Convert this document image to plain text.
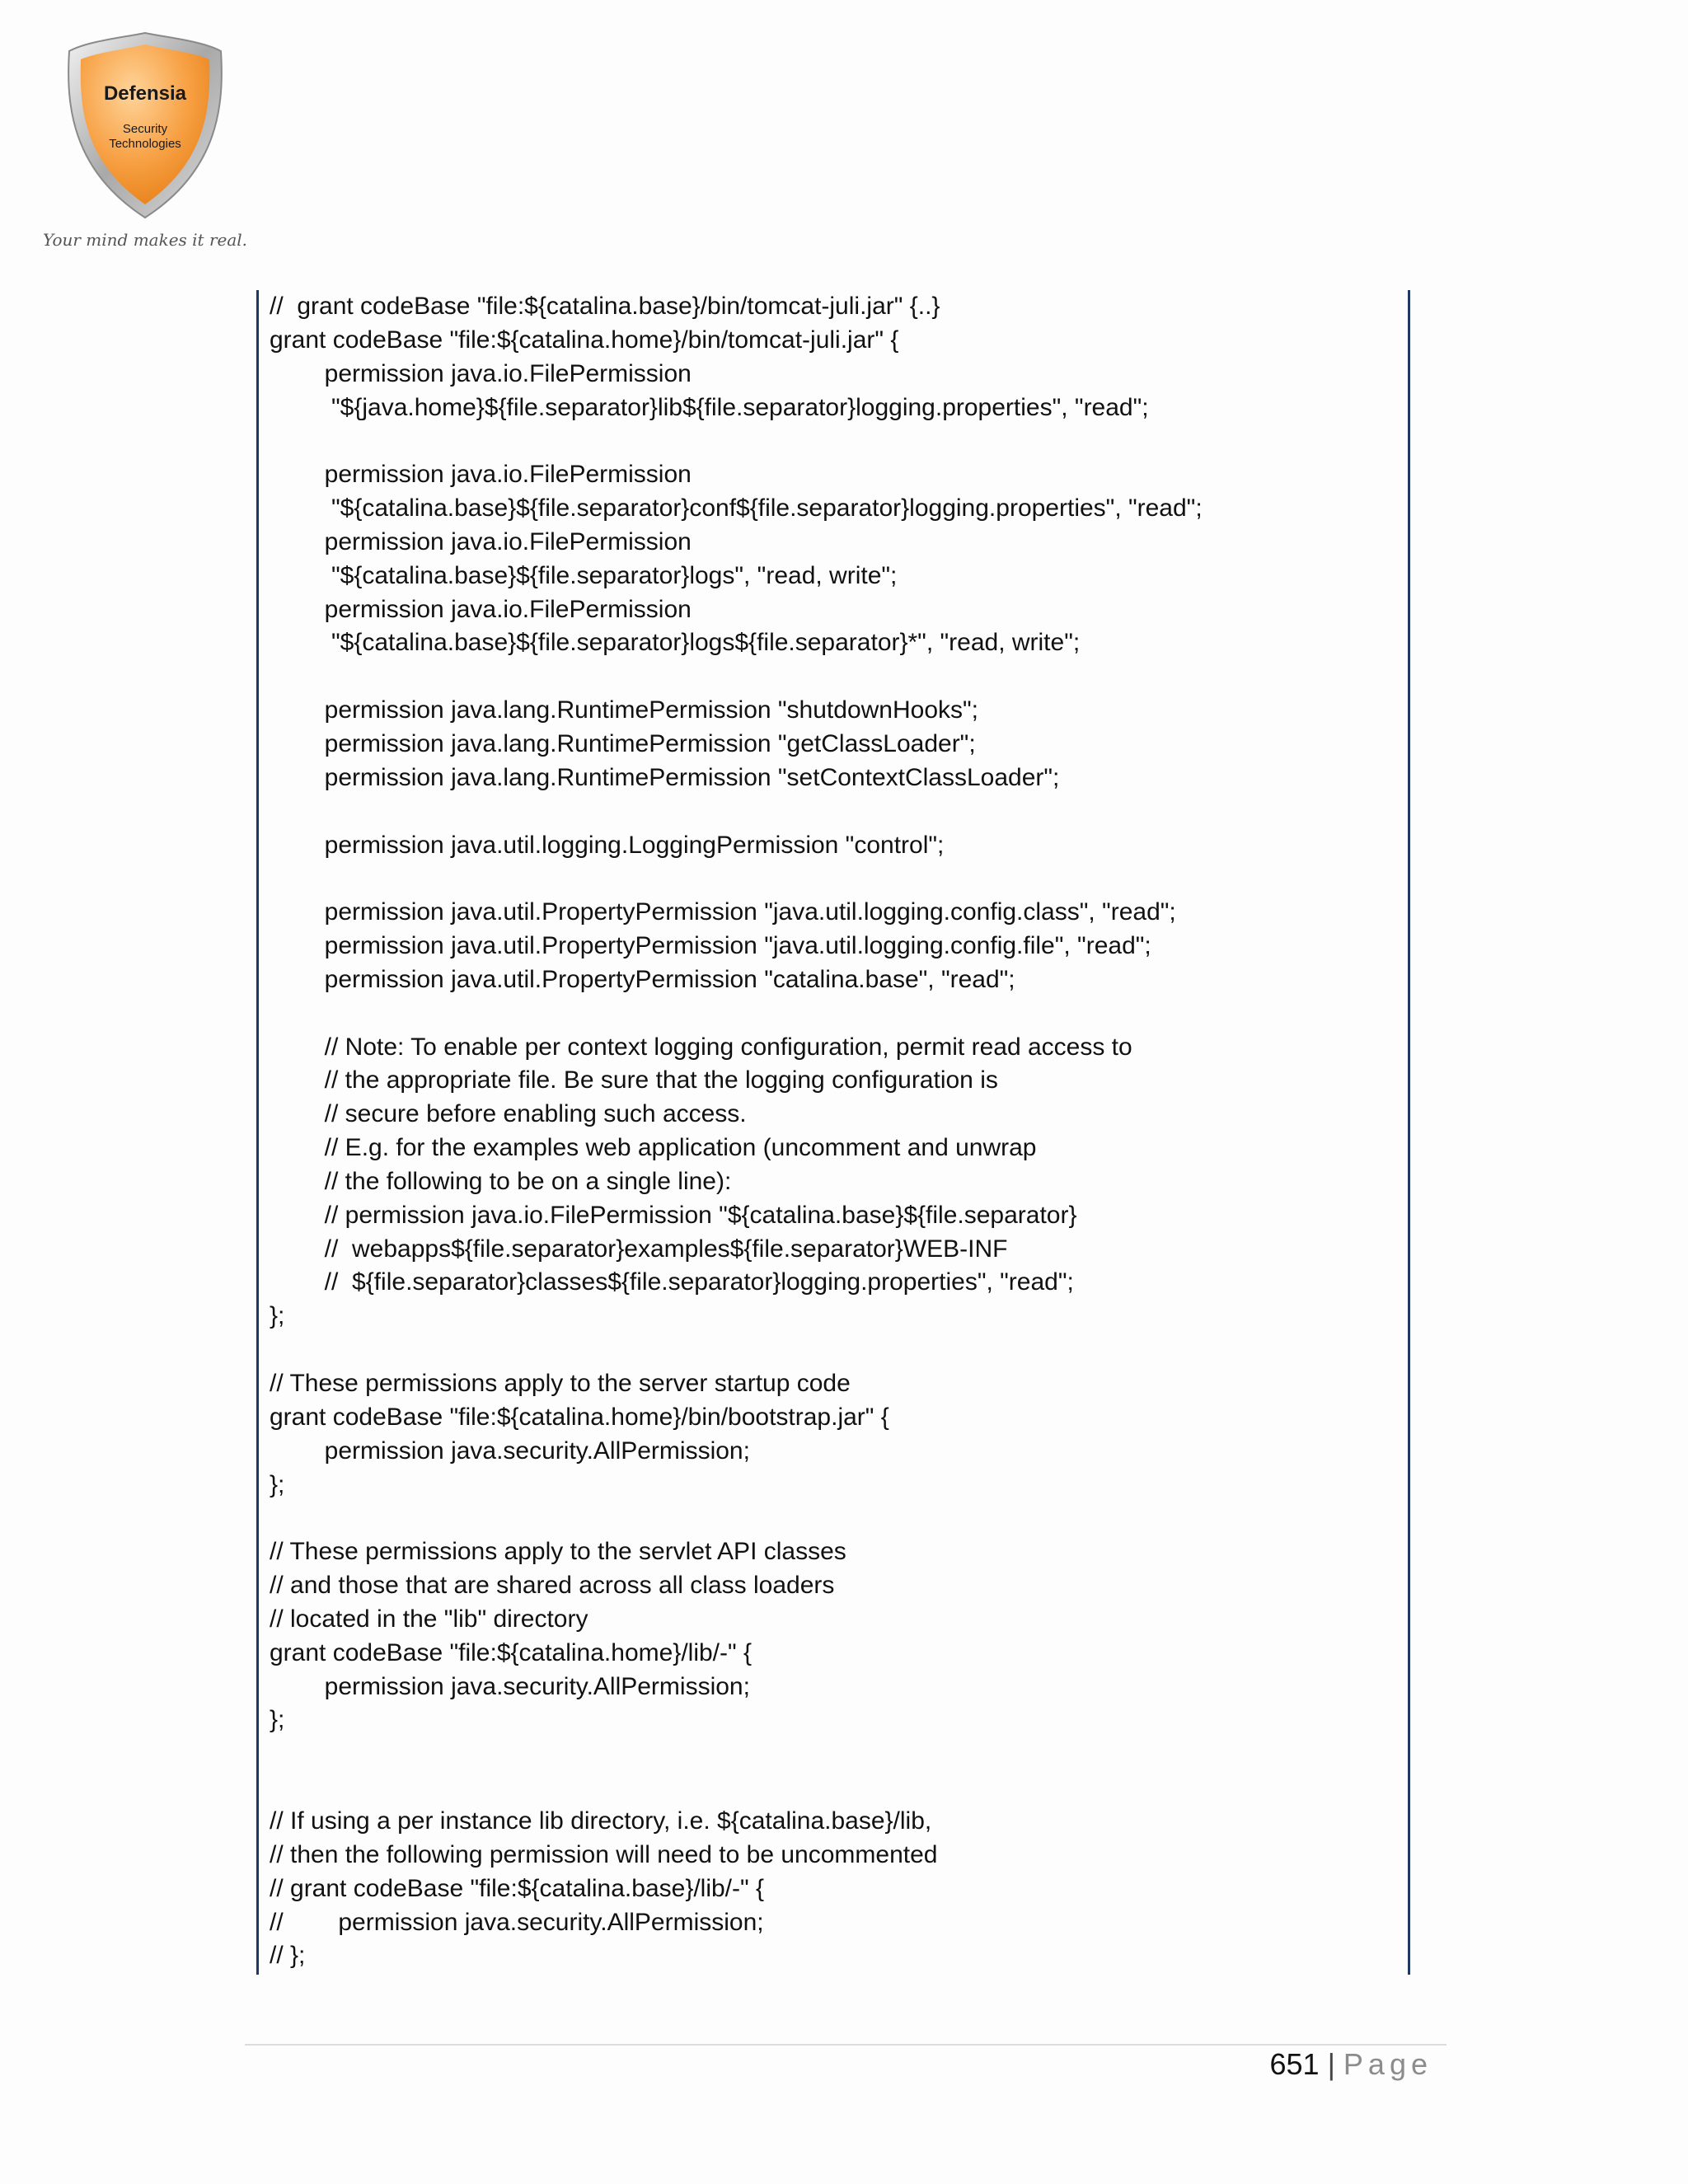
Defensia
Security
Technologies
Your mind makes it real.
//  grant codeBase "file:${catalina.base}/bin/tomcat-juli.jar" {..}
grant codeBase "file:${catalina.home}/bin/tomcat-juli.jar" {
permission java.io.FilePermission
"${java.home}${file.separator}lib${file.separator}logging.properties", "read";
permission java.io.FilePermission
"${catalina.base}${file.separator}conf${file.separator}logging.properties", "read";
permission java.io.FilePermission
"${catalina.base}${file.separator}logs", "read, write";
permission java.io.FilePermission
"${catalina.base}${file.separator}logs${file.separator}*", "read, write";
permission java.lang.RuntimePermission "shutdownHooks";
permission java.lang.RuntimePermission "getClassLoader";
permission java.lang.RuntimePermission "setContextClassLoader";
permission java.util.logging.LoggingPermission "control";
permission java.util.PropertyPermission "java.util.logging.config.class", "read";
permission java.util.PropertyPermission "java.util.logging.config.file", "read";
permission java.util.PropertyPermission "catalina.base", "read";
// Note: To enable per context logging configuration, permit read access to
// the appropriate file. Be sure that the logging configuration is
// secure before enabling such access.
// E.g. for the examples web application (uncomment and unwrap
// the following to be on a single line):
// permission java.io.FilePermission "${catalina.base}${file.separator}
//  webapps${file.separator}examples${file.separator}WEB-INF
//  ${file.separator}classes${file.separator}logging.properties", "read";
};
// These permissions apply to the server startup code
grant codeBase "file:${catalina.home}/bin/bootstrap.jar" {
permission java.security.AllPermission;
};
// These permissions apply to the servlet API classes
// and those that are shared across all class loaders
// located in the "lib" directory
grant codeBase "file:${catalina.home}/lib/-" {
permission java.security.AllPermission;
};
// If using a per instance lib directory, i.e. ${catalina.base}/lib,
// then the following permission will need to be uncommented
// grant codeBase "file:${catalina.base}/lib/-" {
//        permission java.security.AllPermission;
// };
651 | Page
